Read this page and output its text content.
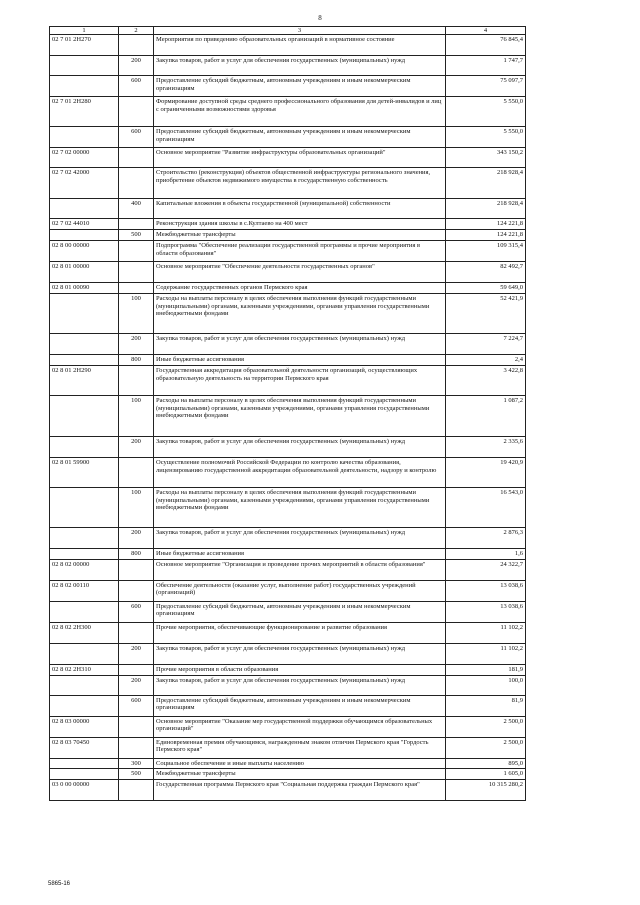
8
1	2	3	4
02 7 01 2Н270		Мероприятия по приведению образовательных организаций в нормативное состояние	76 845,4
	200	Закупка товаров, работ и услуг для обеспечения государственных (муниципальных) нужд	1 747,7
	600	Предоставление субсидий бюджетным, автономным учреждениям и иным некоммерческим организациям	75 097,7
02 7 01 2Н280		Формирование доступной среды среднего профессионального образования для детей-инвалидов и лиц с ограниченными возможностями здоровья	5 550,0
	600	Предоставление субсидий бюджетным, автономным учреждениям и иным некоммерческим организациям	5 550,0
02 7 02 00000		Основное мероприятие "Развитие инфраструктуры образовательных организаций"	343 150,2
02 7 02 42000		Строительство (реконструкция) объектов общественной инфраструктуры регионального значения, приобретение объектов недвижимого имущества в государственную собственность	218 928,4
	400	Капитальные вложения в объекты государственной (муниципальной) собственности	218 928,4
02 7 02 44010		Реконструкция здания школы в с.Култаево на 400 мест	124 221,8
	500	Межбюджетные трансферты	124 221,8
02 8 00 00000		Подпрограмма "Обеспечение реализации государственной программы и прочие мероприятия в области образования"	109 315,4
02 8 01 00000		Основное мероприятие "Обеспечение деятельности государственных органов"	82 492,7
02 8 01 00090		Содержание государственных органов Пермского края	59 649,0
	100	Расходы на выплаты персоналу в целях обеспечения выполнения функций государственными (муниципальными) органами, казенными учреждениями, органами управления государственными внебюджетными фондами	52 421,9
	200	Закупка товаров, работ и услуг для обеспечения государственных (муниципальных) нужд	7 224,7
	800	Иные бюджетные ассигнования	2,4
02 8 01 2Н290		Государственная аккредитация образовательной деятельности организаций, осуществляющих образовательную деятельность на территории Пермского края	3 422,8
	100	Расходы на выплаты персоналу в целях обеспечения выполнения функций государственными (муниципальными) органами, казенными учреждениями, органами управления государственными внебюджетными фондами	1 087,2
	200	Закупка товаров, работ и услуг для обеспечения государственных (муниципальных) нужд	2 335,6
02 8 01 59900		Осуществление полномочий Российской Федерации по контролю качества образования, лицензированию государственной аккредитации образовательной деятельности, надзору и контролю	19 420,9
	100	Расходы на выплаты персоналу в целях обеспечения выполнения функций государственными (муниципальными) органами, казенными учреждениями, органами управления государственными внебюджетными фондами	16 543,0
	200	Закупка товаров, работ и услуг для обеспечения государственных (муниципальных) нужд	2 876,3
	800	Иные бюджетные ассигнования	1,6
02 8 02 00000		Основное мероприятие "Организация и проведение прочих мероприятий в области образования"	24 322,7
02 8 02 00110		Обеспечение деятельности (оказание услуг, выполнение работ) государственных учреждений (организаций)	13 038,6
	600	Предоставление субсидий бюджетным, автономным учреждениям и иным некоммерческим организациям	13 038,6
02 8 02 2Н300		Прочие мероприятия, обеспечивающие функционирование и развитие образования	11 102,2
	200	Закупка товаров, работ и услуг для обеспечения государственных (муниципальных) нужд	11 102,2
02 8 02 2Н310		Прочие мероприятия в области образования	181,9
	200	Закупка товаров, работ и услуг для обеспечения государственных (муниципальных) нужд	100,0
	600	Предоставление субсидий бюджетным, автономным учреждениям и иным некоммерческим организациям	81,9
02 8 03 00000		Основное мероприятие "Оказание мер государственной поддержки обучающимся образовательных организаций"	2 500,0
02 8 03 70450		Единовременная премия обучающимся, награжденным знаком отличия Пермского края "Гордость Пермского края"	2 500,0
	300	Социальное обеспечение и иные выплаты населению	895,0
	500	Межбюджетные трансферты	1 605,0
03 0 00 00000		Государственная программа Пермского края "Социальная поддержка граждан Пермского края"	10 315 280,2
5865-16
